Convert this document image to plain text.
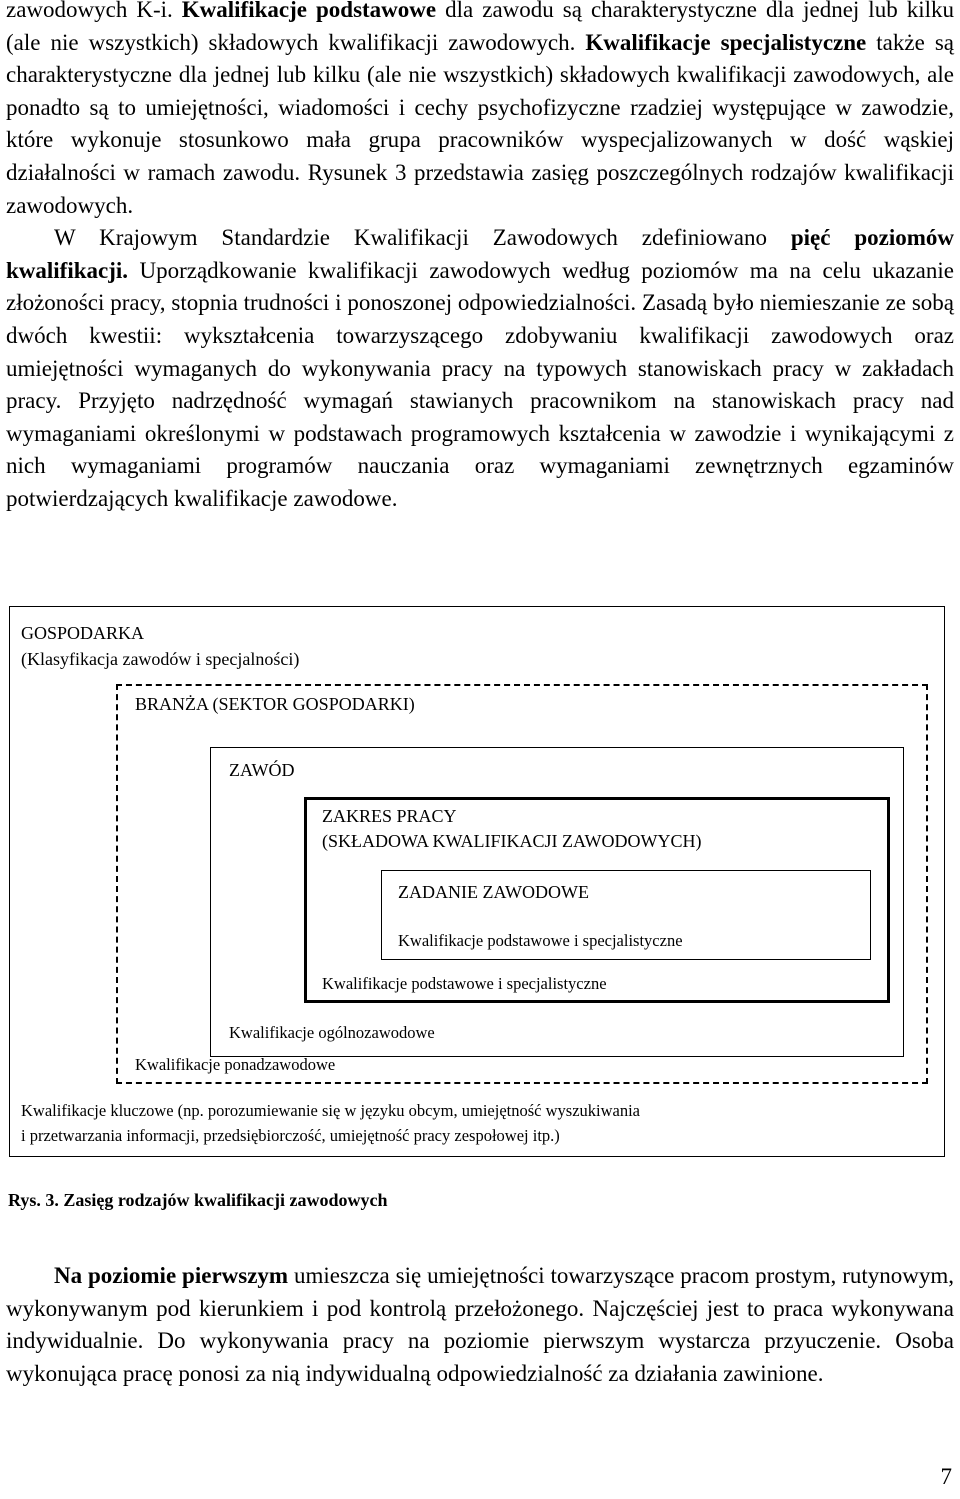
zawodowych K-i. Kwalifikacje podstawowe dla zawodu są charakterystyczne dla jednej lub kilku (ale nie wszystkich) składowych kwalifikacji zawodowych. Kwalifikacje specjalistyczne także są charakterystyczne dla jednej lub kilku (ale nie wszystkich) składowych kwalifikacji zawodowych, ale ponadto są to umiejętności, wiadomości i cechy psychofizyczne rzadziej występujące w zawodzie, które wykonuje stosunkowo mała grupa pracowników wyspecjalizowanych w dość wąskiej działalności w ramach zawodu. Rysunek 3 przedstawia zasięg poszczególnych rodzajów kwalifikacji zawodowych.

W Krajowym Standardzie Kwalifikacji Zawodowych zdefiniowano pięć poziomów kwalifikacji. Uporządkowanie kwalifikacji zawodowych według poziomów ma na celu ukazanie złożoności pracy, stopnia trudności i ponoszonej odpowiedzialności. Zasadą było niemieszanie ze sobą dwóch kwestii: wykształcenia towarzyszącego zdobywaniu kwalifikacji zawodowych oraz umiejętności wymaganych do wykonywania pracy na typowych stanowiskach pracy w zakładach pracy. Przyjęto nadrzędność wymagań stawianych pracownikom na stanowiskach pracy nad wymaganiami określonymi w podstawach programowych kształcenia w zawodzie i wynikającymi z nich wymaganiami programów nauczania oraz wymaganiami zewnętrznych egzaminów potwierdzających kwalifikacje zawodowe.

GOSPODARKA
(Klasyfikacja zawodów i specjalności)
BRANŻA (SEKTOR GOSPODARKI)
ZAWÓD
ZAKRES PRACY
(SKŁADOWA KWALIFIKACJI ZAWODOWYCH)
ZADANIE ZAWODOWE
Kwalifikacje podstawowe i specjalistyczne
Kwalifikacje podstawowe i specjalistyczne
Kwalifikacje ogólnozawodowe
Kwalifikacje ponadzawodowe
Kwalifikacje kluczowe (np. porozumiewanie się w języku obcym, umiejętność wyszukiwania
i przetwarzania informacji, przedsiębiorczość, umiejętność pracy zespołowej itp.)
Rys. 3. Zasięg rodzajów kwalifikacji zawodowych

Na poziomie pierwszym umieszcza się umiejętności towarzyszące pracom prostym, rutynowym, wykonywanym pod kierunkiem i pod kontrolą przełożonego. Najczęściej jest to praca wykonywana indywidualnie. Do wykonywania pracy na poziomie pierwszym wystarcza przyuczenie. Osoba wykonująca pracę ponosi za nią indywidualną odpowiedzialność za działania zawinione.

7
